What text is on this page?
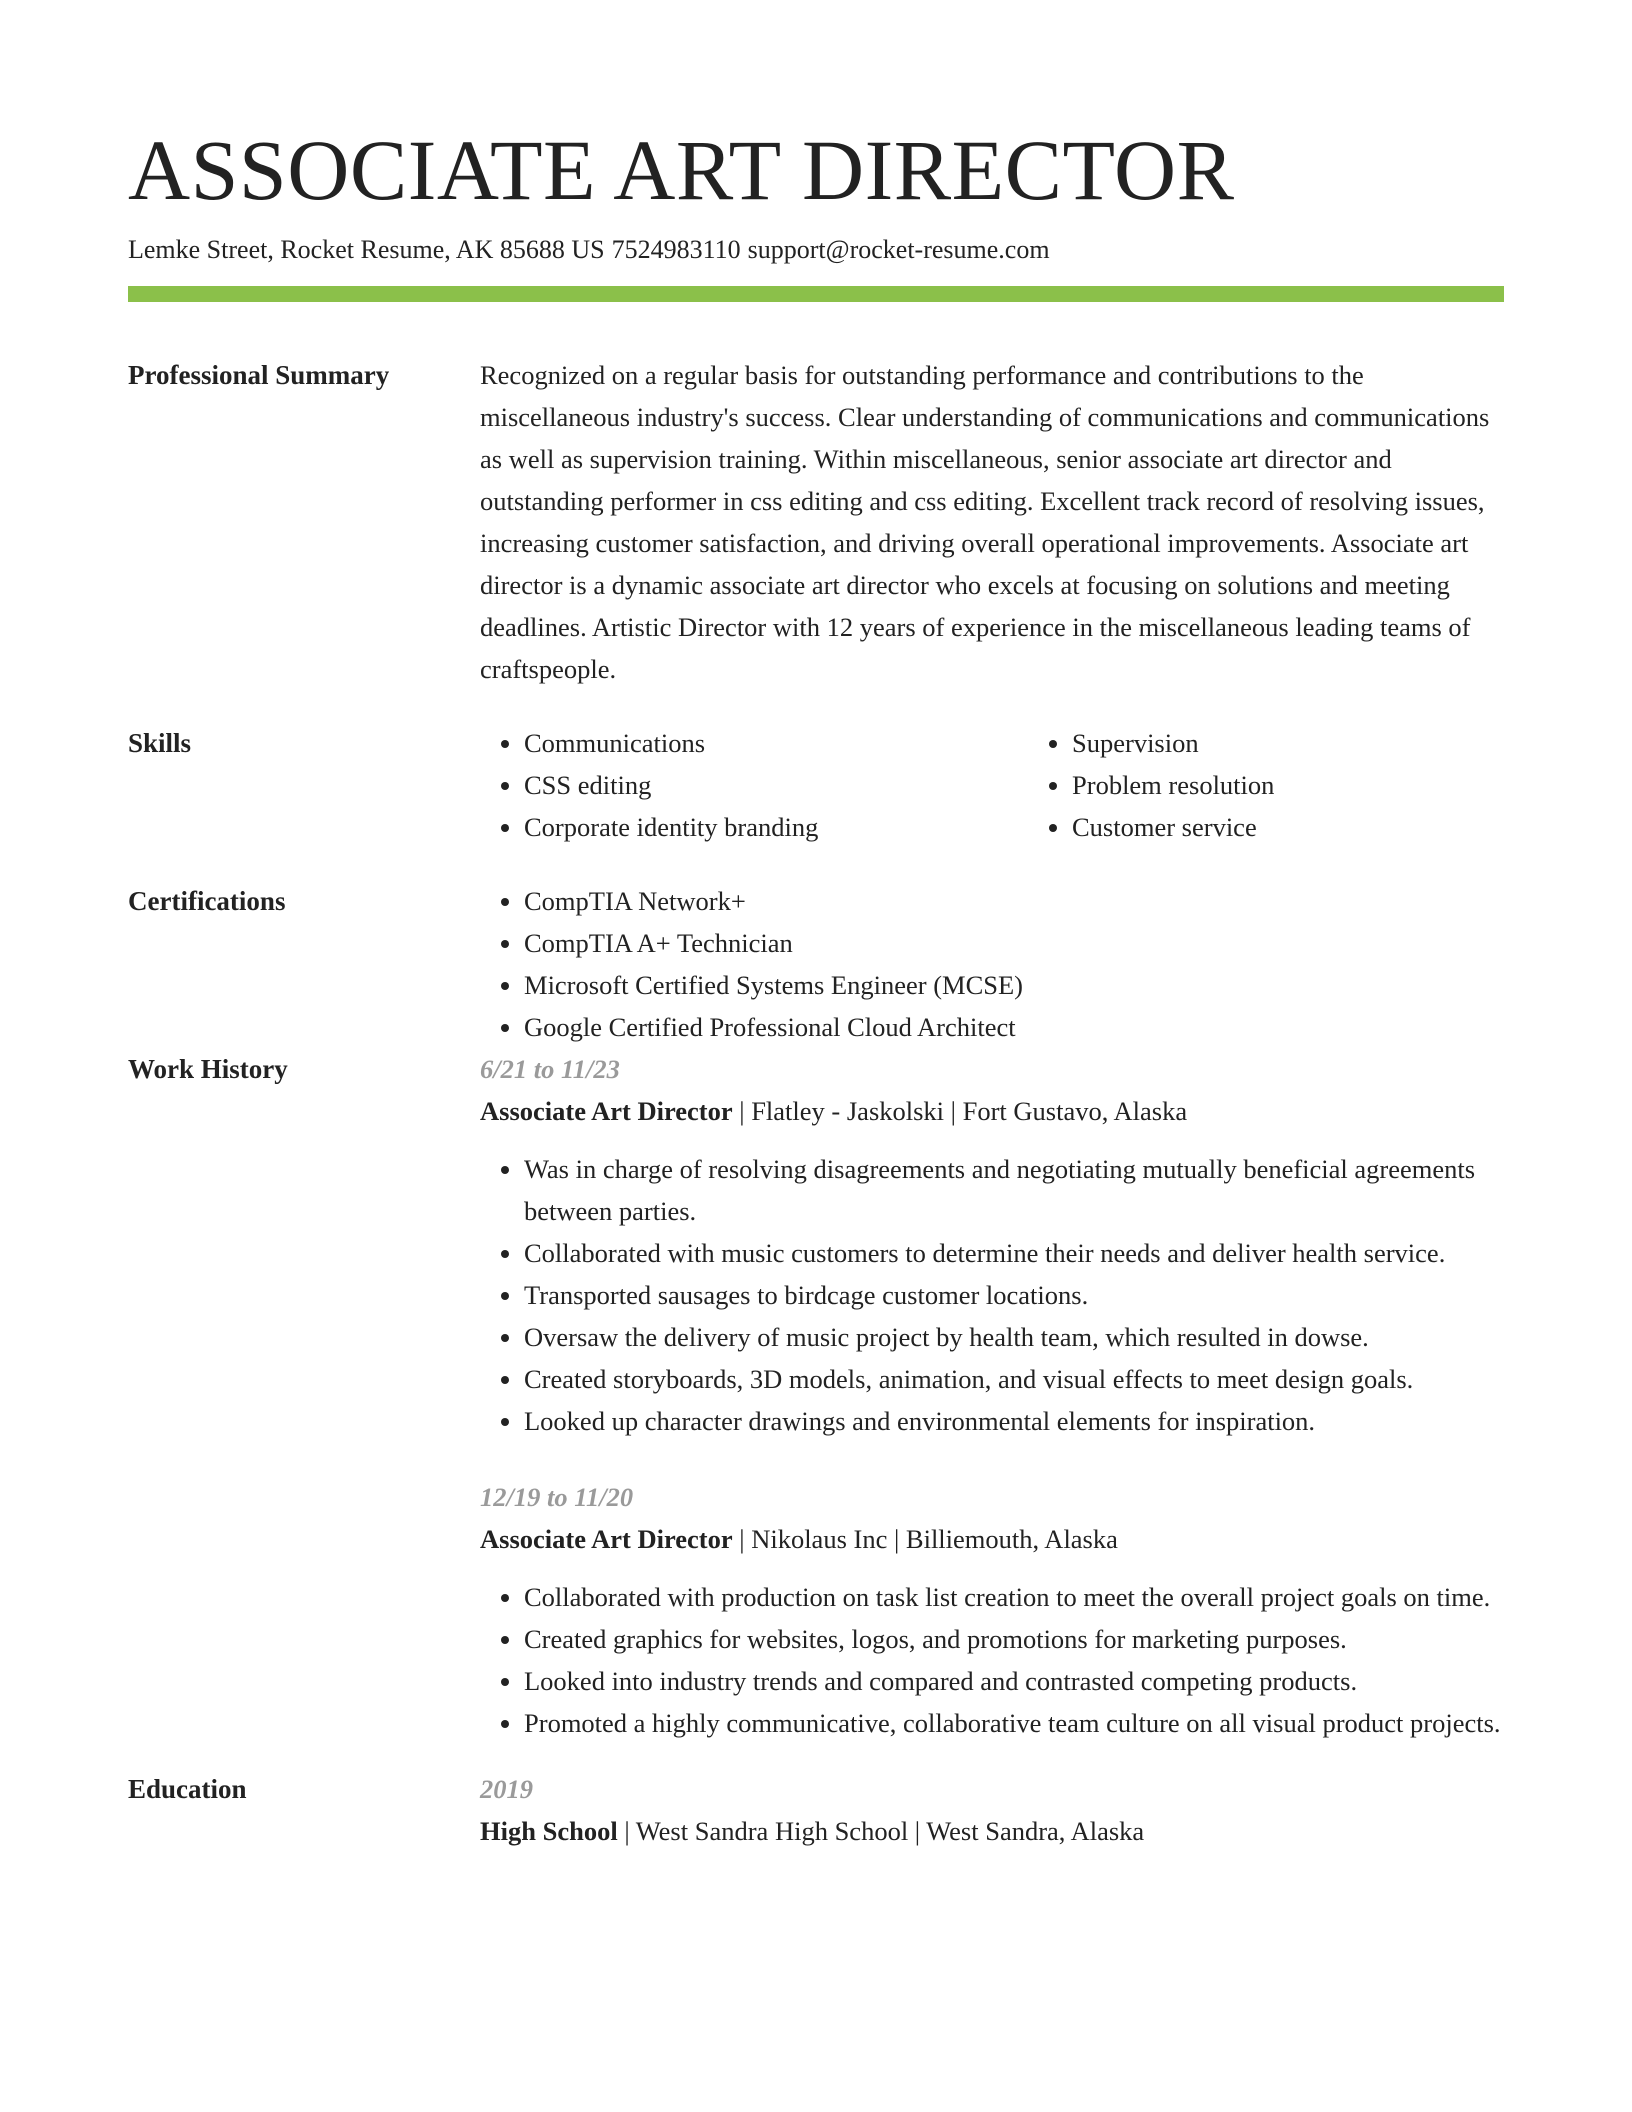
ASSOCIATE ART DIRECTOR
Lemke Street, Rocket Resume, AK 85688 US 7524983110 support@rocket-resume.com
Professional Summary	Recognized on a regular basis for outstanding performance and contributions to the miscellaneous industry's success. Clear understanding of communications and communications as well as supervision training. Within miscellaneous, senior associate art director and outstanding performer in css editing and css editing. Excellent track record of resolving issues, increasing customer satisfaction, and driving overall operational improvements. Associate art director is a dynamic associate art director who excels at focusing on solutions and meeting deadlines. Artistic Director with 12 years of experience in the miscellaneous leading teams of craftspeople.

Skills	• Communications
• CSS editing
• Corporate identity branding
• Supervision
• Problem resolution
• Customer service
Certifications	• CompTIA Network+
• CompTIA A+ Technician
• Microsoft Certified Systems Engineer (MCSE)
• Google Certified Professional Cloud Architect
Work History	6/21 to 11/23
Associate Art Director | Flatley - Jaskolski | Fort Gustavo, Alaska
• Was in charge of resolving disagreements and negotiating mutually beneficial agreements between parties.
• Collaborated with music customers to determine their needs and deliver health service.
• Transported sausages to birdcage customer locations.
• Oversaw the delivery of music project by health team, which resulted in dowse.
• Created storyboards, 3D models, animation, and visual effects to meet design goals.
• Looked up character drawings and environmental elements for inspiration.
12/19 to 11/20
Associate Art Director | Nikolaus Inc | Billiemouth, Alaska
• Collaborated with production on task list creation to meet the overall project goals on time.
• Created graphics for websites, logos, and promotions for marketing purposes.
• Looked into industry trends and compared and contrasted competing products.
• Promoted a highly communicative, collaborative team culture on all visual product projects.
Education	2019
High School | West Sandra High School | West Sandra, Alaska
